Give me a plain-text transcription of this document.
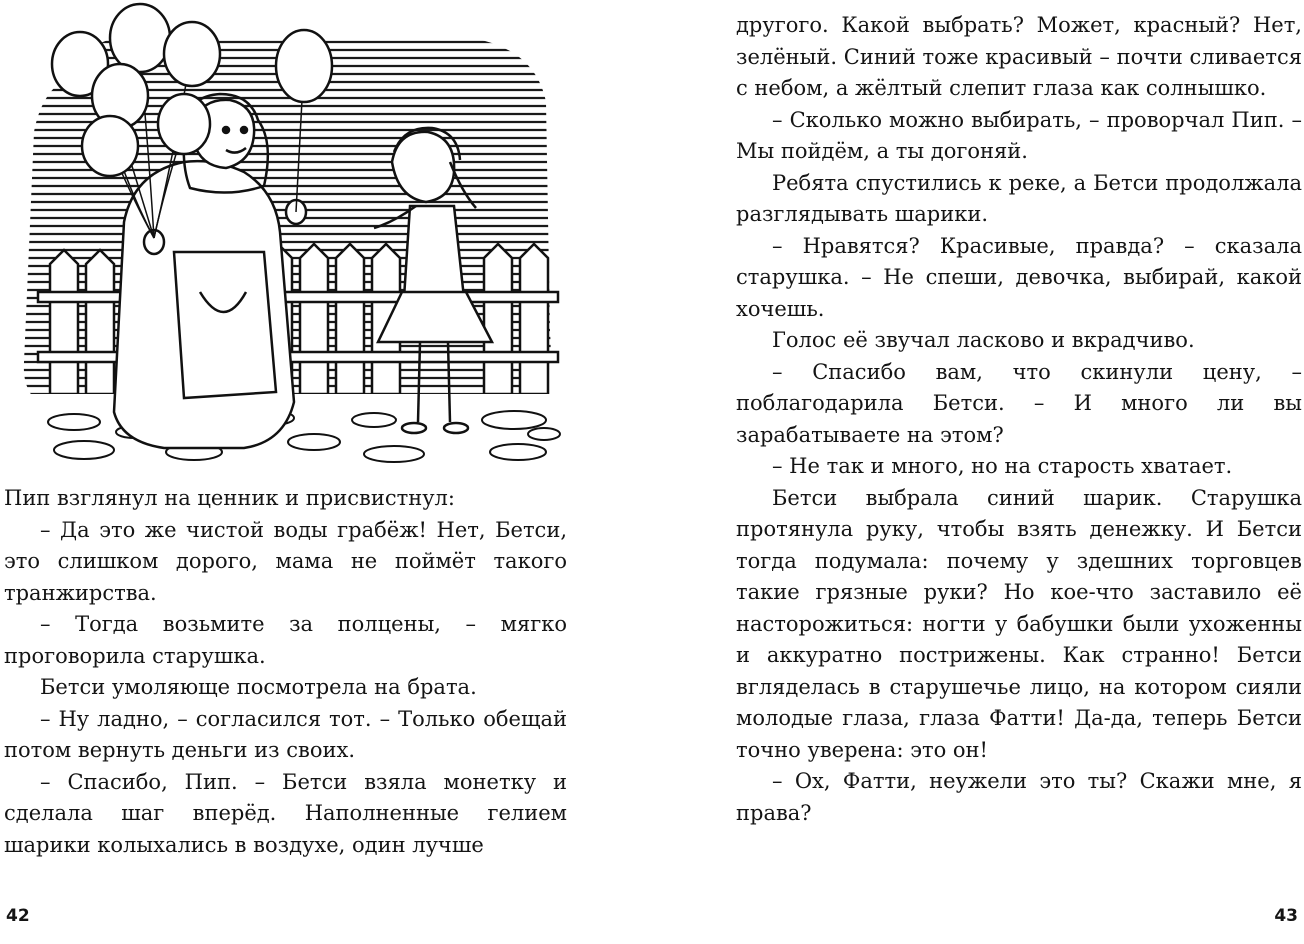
Пип взглянул на ценник и присвистнул:

– Да это же чистой воды грабёж! Нет, Бетси, это слишком дорого, мама не поймёт такого транжирства.

– Тогда возьмите за полцены, – мягко проговорила старушка.

Бетси умоляюще посмотрела на брата.

– Ну ладно, – согласился тот. – Только обещай потом вернуть деньги из своих.

– Спасибо, Пип. – Бетси взяла монетку и сделала шаг вперёд. Наполненные гелием шарики колыхались в воздухе, один лучше

42

другого. Какой выбрать? Может, красный? Нет, зелёный. Синий тоже красивый – почти сливается с небом, а жёлтый слепит глаза как солнышко.

– Сколько можно выбирать, – проворчал Пип. – Мы пойдём, а ты догоняй.

Ребята спустились к реке, а Бетси продолжала разглядывать шарики.

– Нравятся? Красивые, правда? – сказала старушка. – Не спеши, девочка, выбирай, какой хочешь.

Голос её звучал ласково и вкрадчиво.

– Спасибо вам, что скинули цену, – поблагодарила Бетси. – И много ли вы зарабатываете на этом?

– Не так и много, но на старость хватает.

Бетси выбрала синий шарик. Старушка протянула руку, чтобы взять денежку. И Бетси тогда подумала: почему у здешних торговцев такие грязные руки? Но кое-что заставило её насторожиться: ногти у бабушки были ухоженны и аккуратно пострижены. Как странно! Бетси вгляделась в старушечье лицо, на котором сияли молодые глаза, глаза Фатти! Да-да, теперь Бетси точно уверена: это он!

– Ох, Фатти, неужели это ты? Скажи мне, я права?

43
